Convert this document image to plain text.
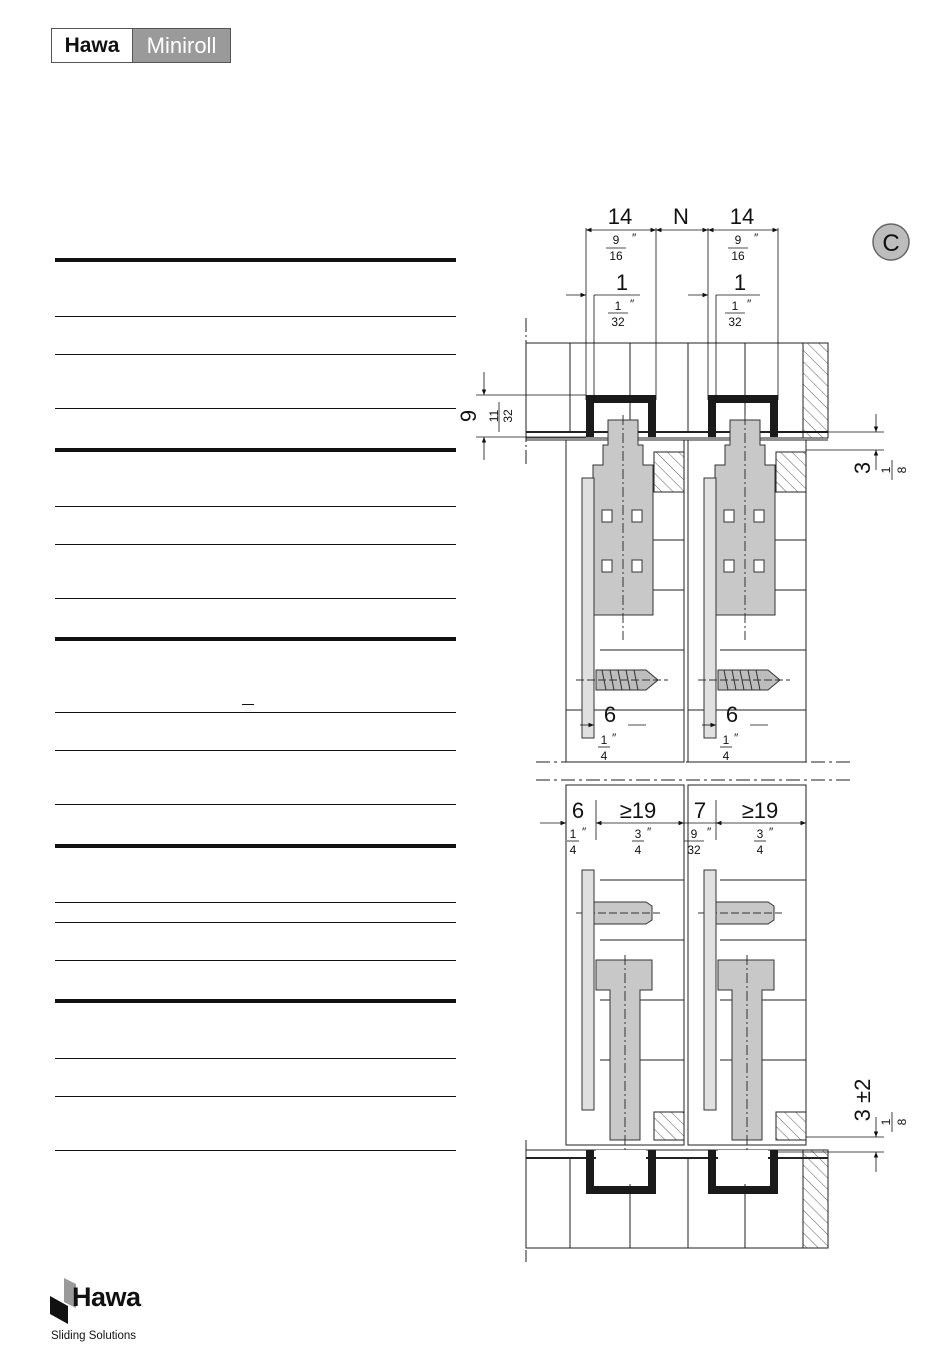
Hawa	Miniroll
14
9
16
″
N 14
9
16
″
1
1
32
″
1
1
32
″
9 11 32
3 1 8
6
1
4
″
6
1
4
″
6
1
4
″
≥19
3
4
″
7
9
32
″
≥19
3
4
″
3 ±2
1 8
C
Hawa
Sliding Solutions
